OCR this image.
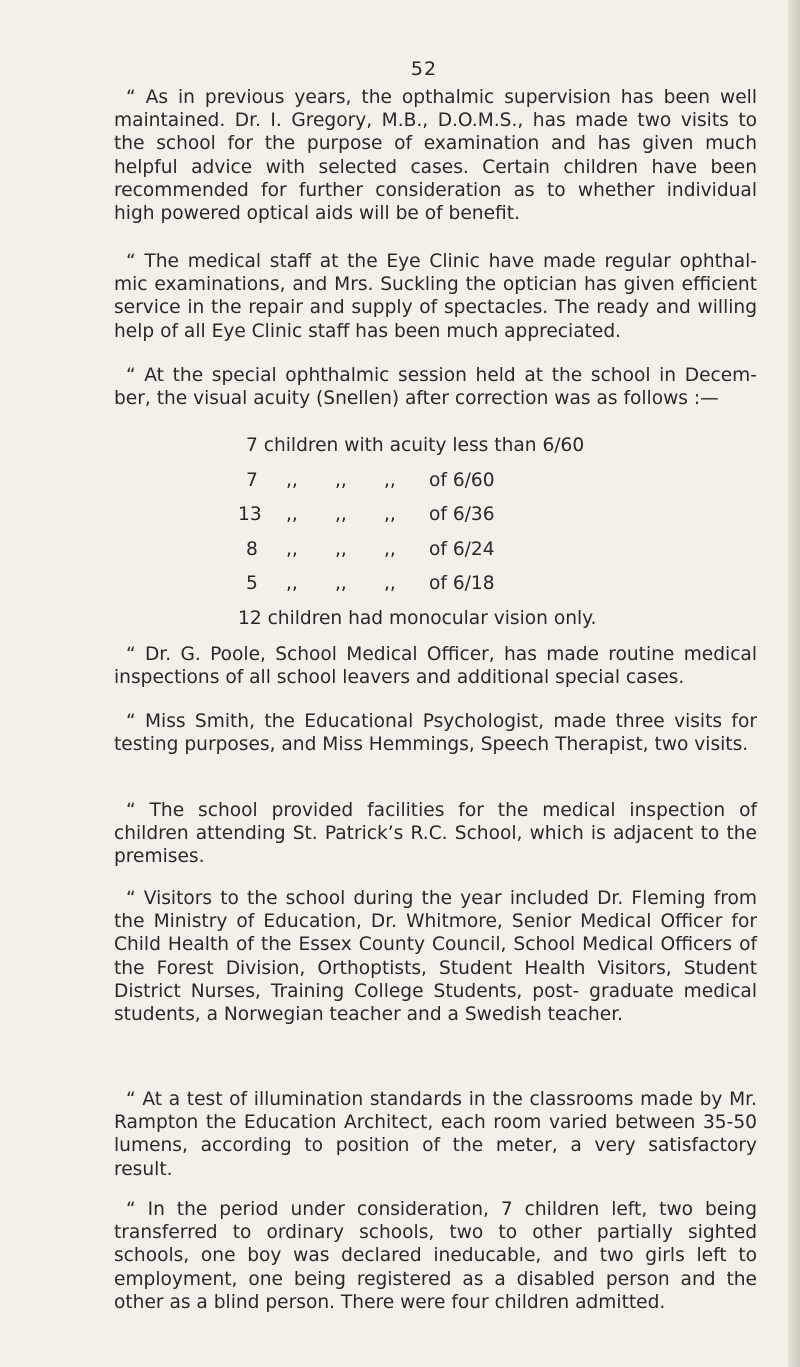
52

“ As in previous years, the opthalmic supervision has been well maintained. Dr. I. Gregory, M.B., D.O.M.S., has made two visits to the school for the purpose of examination and has given much helpful advice with selected cases. Certain children have been recommended for further consideration as to whether individual high powered optical aids will be of benefit.

“ The medical staff at the Eye Clinic have made regular ophthal- mic examinations, and Mrs. Suckling the optician has given efficient service in the repair and supply of spectacles. The ready and willing help of all Eye Clinic staff has been much appreciated.

“ At the special ophthalmic session held at the school in Decem- ber, the visual acuity (Snellen) after correction was as follows :—

7 children with acuity less than 6/60
7 ,, ,, ,, of 6/60
13 ,, ,, ,, of 6/36
8 ,, ,, ,, of 6/24
5 ,, ,, ,, of 6/18
12 children had monocular vision only.

“ Dr. G. Poole, School Medical Officer, has made routine medical inspections of all school leavers and additional special cases.

“ Miss Smith, the Educational Psychologist, made three visits for testing purposes, and Miss Hemmings, Speech Therapist, two visits.

“ The school provided facilities for the medical inspection of children attending St. Patrick’s R.C. School, which is adjacent to the premises.

“ Visitors to the school during the year included Dr. Fleming from the Ministry of Education, Dr. Whitmore, Senior Medical Officer for Child Health of the Essex County Council, School Medical Officers of the Forest Division, Orthoptists, Student Health Visitors, Student District Nurses, Training College Students, post- graduate medical students, a Norwegian teacher and a Swedish teacher.

“ At a test of illumination standards in the classrooms made by Mr. Rampton the Education Architect, each room varied between 35-50 lumens, according to position of the meter, a very satisfactory result.

“ In the period under consideration, 7 children left, two being transferred to ordinary schools, two to other partially sighted schools, one boy was declared ineducable, and two girls left to employment, one being registered as a disabled person and the other as a blind person. There were four children admitted.
